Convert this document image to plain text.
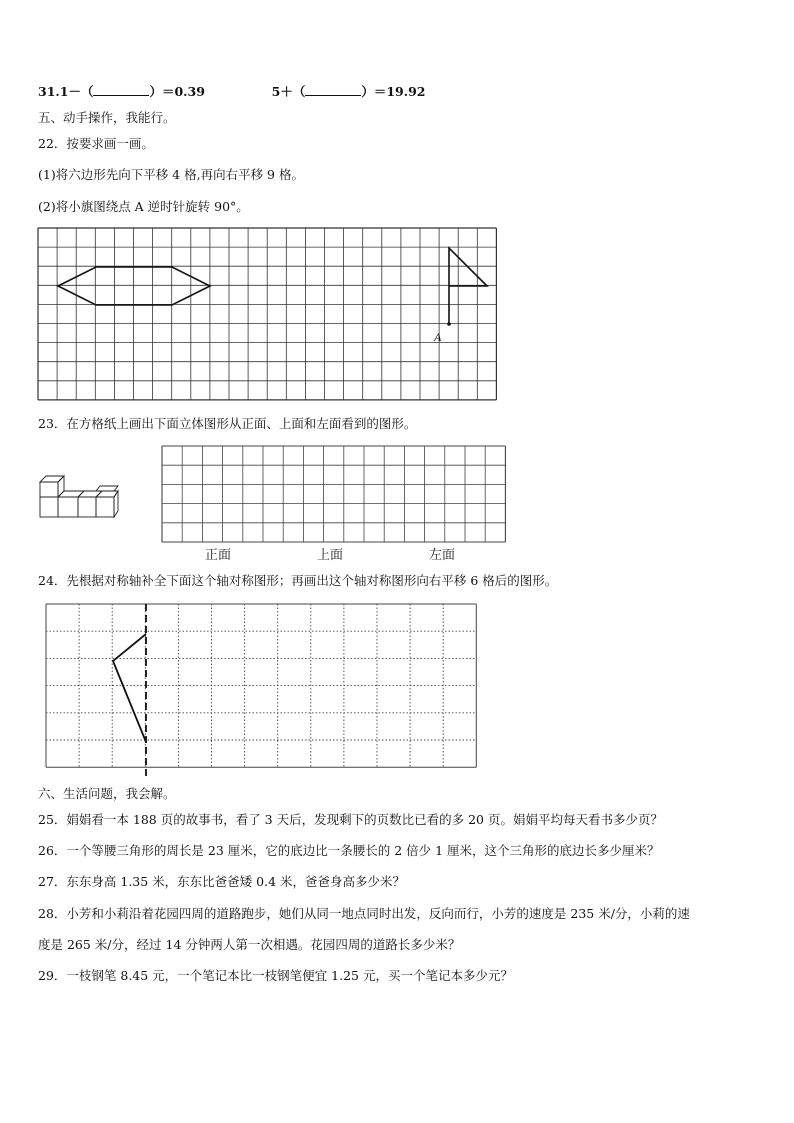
31.1－（	）＝0.39	5＋（	）＝19.92
五、动手操作，我能行。
22．按要求画一画。
(1)将六边形先向下平移 4 格,再向右平移 9 格。
(2)将小旗图绕点 A 逆时针旋转 90°。
A
23．在方格纸上画出下面立体图形从正面、上面和左面看到的图形。
正面	上面	左面
24．先根据对称轴补全下面这个轴对称图形；再画出这个轴对称图形向右平移 6 格后的图形。
六、生活问题，我会解。
25．娟娟看一本 188 页的故事书，看了 3 天后，发现剩下的页数比已看的多 20 页。娟娟平均每天看书多少页？
26．一个等腰三角形的周长是 23 厘米，它的底边比一条腰长的 2 倍少 1 厘米，这个三角形的底边长多少厘米？
27．东东身高 1.35 米，东东比爸爸矮 0.4 米，爸爸身高多少米？
28．小芳和小莉沿着花园四周的道路跑步，她们从同一地点同时出发，反向而行，小芳的速度是 235 米/分，小莉的速
度是 265 米/分，经过 14 分钟两人第一次相遇。花园四周的道路长多少米？
29．一枝钢笔 8.45 元，一个笔记本比一枝钢笔便宜 1.25 元，买一个笔记本多少元？
